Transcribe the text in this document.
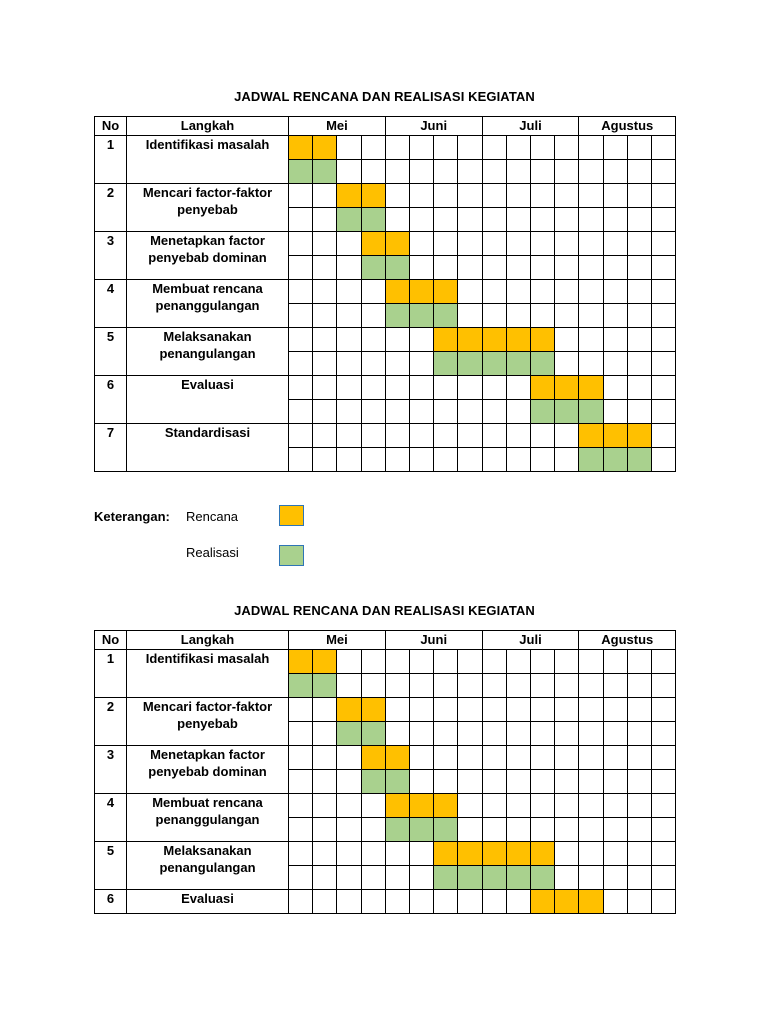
JADWAL RENCANA DAN REALISASI KEGIATAN
No	Langkah	Mei				Juni				Juli				Agustus			
1	Identifikasi masalah																

2	Mencari factor-faktor penyebab																

3	Menetapkan factor penyebab dominan																

4	Membuat rencana penanggulangan																

5	Melaksanakan penangulangan																

6	Evaluasi																

7	Standardisasi																

Keterangan: Rencana
Realisasi
JADWAL RENCANA DAN REALISASI KEGIATAN
No	Langkah	Mei				Juni				Juli				Agustus			
1	Identifikasi masalah																

2	Mencari factor-faktor penyebab																

3	Menetapkan factor penyebab dominan																

4	Membuat rencana penanggulangan																

5	Melaksanakan penangulangan																

6	Evaluasi																
